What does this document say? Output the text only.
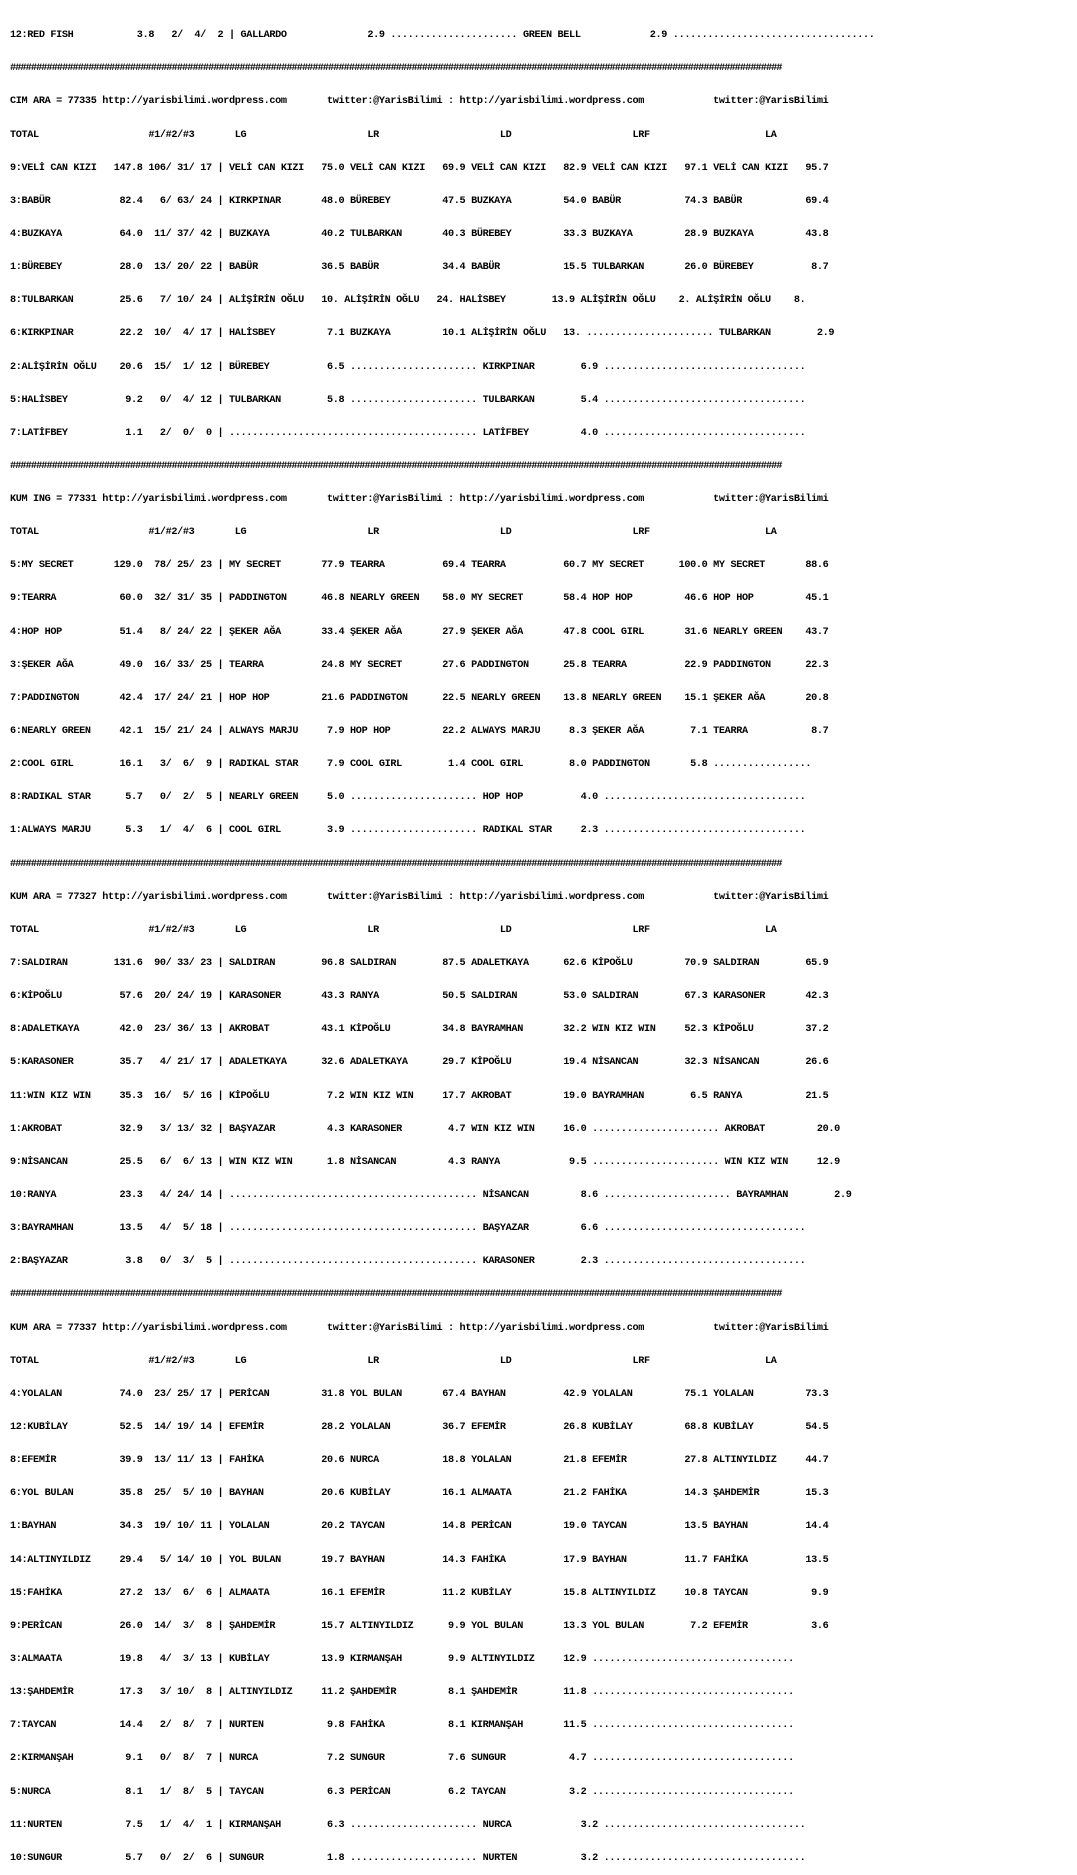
12:RED FISH           3.8   2/  4/  2 | GALLARDO              2.9 ...................... GREEN BELL            2.9 ...................................

####################################################################################################################################################

CIM ARA = 77335 http://yarisbilimi.wordpress.com       twitter:@YarisBilimi : http://yarisbilimi.wordpress.com            twitter:@YarisBilimi

TOTAL                   #1/#2/#3       LG                     LR                     LD                     LRF                    LA

9:VELİ CAN KIZI   147.8 106/ 31/ 17 | VELİ CAN KIZI   75.0 VELİ CAN KIZI   69.9 VELİ CAN KIZI   82.9 VELİ CAN KIZI   97.1 VELİ CAN KIZI   95.7

3:BABÜR            82.4   6/ 63/ 24 | KIRKPINAR       48.0 BÜREBEY         47.5 BUZKAYA         54.0 BABÜR           74.3 BABÜR           69.4

4:BUZKAYA          64.0  11/ 37/ 42 | BUZKAYA         40.2 TULBARKAN       40.3 BÜREBEY         33.3 BUZKAYA         28.9 BUZKAYA         43.8

1:BÜREBEY          28.0  13/ 20/ 22 | BABÜR           36.5 BABÜR           34.4 BABÜR           15.5 TULBARKAN       26.0 BÜREBEY          8.7

8:TULBARKAN        25.6   7/ 10/ 24 | ALİŞİRİN OĞLU   10. ALİŞİRİN OĞLU   24. HALİSBEY        13.9 ALİŞİRİN OĞLU    2. ALİŞİRİN OĞLU    8.

6:KIRKPINAR        22.2  10/  4/ 17 | HALİSBEY         7.1 BUZKAYA         10.1 ALİŞİRİN OĞLU   13. ...................... TULBARKAN        2.9

2:ALİŞİRİN OĞLU    20.6  15/  1/ 12 | BÜREBEY          6.5 ...................... KIRKPINAR        6.9 ...................................

5:HALİSBEY          9.2   0/  4/ 12 | TULBARKAN        5.8 ...................... TULBARKAN        5.4 ...................................

7:LATİFBEY          1.1   2/  0/  0 | ........................................... LATİFBEY         4.0 ...................................

####################################################################################################################################################

KUM ING = 77331 http://yarisbilimi.wordpress.com       twitter:@YarisBilimi : http://yarisbilimi.wordpress.com            twitter:@YarisBilimi

TOTAL                   #1/#2/#3       LG                     LR                     LD                     LRF                    LA

5:MY SECRET       129.0  78/ 25/ 23 | MY SECRET       77.9 TEARRA          69.4 TEARRA          60.7 MY SECRET      100.0 MY SECRET       88.6

9:TEARRA           60.0  32/ 31/ 35 | PADDINGTON      46.8 NEARLY GREEN    58.0 MY SECRET       58.4 HOP HOP         46.6 HOP HOP         45.1

4:HOP HOP          51.4   8/ 24/ 22 | ŞEKER AĞA       33.4 ŞEKER AĞA       27.9 ŞEKER AĞA       47.8 COOL GIRL       31.6 NEARLY GREEN    43.7

3:ŞEKER AĞA        49.0  16/ 33/ 25 | TEARRA          24.8 MY SECRET       27.6 PADDINGTON      25.8 TEARRA          22.9 PADDINGTON      22.3

7:PADDINGTON       42.4  17/ 24/ 21 | HOP HOP         21.6 PADDINGTON      22.5 NEARLY GREEN    13.8 NEARLY GREEN    15.1 ŞEKER AĞA       20.8

6:NEARLY GREEN     42.1  15/ 21/ 24 | ALWAYS MARJU     7.9 HOP HOP         22.2 ALWAYS MARJU     8.3 ŞEKER AĞA        7.1 TEARRA           8.7

2:COOL GIRL        16.1   3/  6/  9 | RADIKAL STAR     7.9 COOL GIRL        1.4 COOL GIRL        8.0 PADDINGTON       5.8 .................

8:RADIKAL STAR      5.7   0/  2/  5 | NEARLY GREEN     5.0 ...................... HOP HOP          4.0 ...................................

1:ALWAYS MARJU      5.3   1/  4/  6 | COOL GIRL        3.9 ...................... RADIKAL STAR     2.3 ...................................

####################################################################################################################################################

KUM ARA = 77327 http://yarisbilimi.wordpress.com       twitter:@YarisBilimi : http://yarisbilimi.wordpress.com            twitter:@YarisBilimi

TOTAL                   #1/#2/#3       LG                     LR                     LD                     LRF                    LA

7:SALDIRAN        131.6  90/ 33/ 23 | SALDIRAN        96.8 SALDIRAN        87.5 ADALETKAYA      62.6 KİPOĞLU         70.9 SALDIRAN        65.9

6:KİPOĞLU          57.6  20/ 24/ 19 | KARASONER       43.3 RANYA           50.5 SALDIRAN        53.0 SALDIRAN        67.3 KARASONER       42.3

8:ADALETKAYA       42.0  23/ 36/ 13 | AKROBAT         43.1 KİPOĞLU         34.8 BAYRAMHAN       32.2 WIN KIZ WIN     52.3 KİPOĞLU         37.2

5:KARASONER        35.7   4/ 21/ 17 | ADALETKAYA      32.6 ADALETKAYA      29.7 KİPOĞLU         19.4 NİSANCAN        32.3 NİSANCAN        26.6

11:WIN KIZ WIN     35.3  16/  5/ 16 | KİPOĞLU          7.2 WIN KIZ WIN     17.7 AKROBAT         19.0 BAYRAMHAN        6.5 RANYA           21.5

1:AKROBAT          32.9   3/ 13/ 32 | BAŞYAZAR         4.3 KARASONER        4.7 WIN KIZ WIN     16.0 ...................... AKROBAT         20.0

9:NİSANCAN         25.5   6/  6/ 13 | WIN KIZ WIN      1.8 NİSANCAN         4.3 RANYA            9.5 ...................... WIN KIZ WIN     12.9

10:RANYA           23.3   4/ 24/ 14 | ........................................... NİSANCAN         8.6 ...................... BAYRAMHAN        2.9

3:BAYRAMHAN        13.5   4/  5/ 18 | ........................................... BAŞYAZAR         6.6 ...................................

2:BAŞYAZAR          3.8   0/  3/  5 | ........................................... KARASONER        2.3 ...................................

####################################################################################################################################################

KUM ARA = 77337 http://yarisbilimi.wordpress.com       twitter:@YarisBilimi : http://yarisbilimi.wordpress.com            twitter:@YarisBilimi

TOTAL                   #1/#2/#3       LG                     LR                     LD                     LRF                    LA

4:YOLALAN          74.0  23/ 25/ 17 | PERİCAN         31.8 YOL BULAN       67.4 BAYHAN          42.9 YOLALAN         75.1 YOLALAN         73.3

12:KUBİLAY         52.5  14/ 19/ 14 | EFEMİR          28.2 YOLALAN         36.7 EFEMİR          26.8 KUBİLAY         68.8 KUBİLAY         54.5

8:EFEMİR           39.9  13/ 11/ 13 | FAHİKA          20.6 NURCA           18.8 YOLALAN         21.8 EFEMİR          27.8 ALTINYILDIZ     44.7

6:YOL BULAN        35.8  25/  5/ 10 | BAYHAN          20.6 KUBİLAY         16.1 ALMAATA         21.2 FAHİKA          14.3 ŞAHDEMİR        15.3

1:BAYHAN           34.3  19/ 10/ 11 | YOLALAN         20.2 TAYCAN          14.8 PERİCAN         19.0 TAYCAN          13.5 BAYHAN          14.4

14:ALTINYILDIZ     29.4   5/ 14/ 10 | YOL BULAN       19.7 BAYHAN          14.3 FAHİKA          17.9 BAYHAN          11.7 FAHİKA          13.5

15:FAHİKA          27.2  13/  6/  6 | ALMAATA         16.1 EFEMİR          11.2 KUBİLAY         15.8 ALTINYILDIZ     10.8 TAYCAN           9.9

9:PERİCAN          26.0  14/  3/  8 | ŞAHDEMİR        15.7 ALTINYILDIZ      9.9 YOL BULAN       13.3 YOL BULAN        7.2 EFEMİR           3.6

3:ALMAATA          19.8   4/  3/ 13 | KUBİLAY         13.9 KIRMANŞAH        9.9 ALTINYILDIZ     12.9 ...................................

13:ŞAHDEMİR        17.3   3/ 10/  8 | ALTINYILDIZ     11.2 ŞAHDEMİR         8.1 ŞAHDEMİR        11.8 ...................................

7:TAYCAN           14.4   2/  8/  7 | NURTEN           9.8 FAHİKA           8.1 KIRMANŞAH       11.5 ...................................

2:KIRMANŞAH         9.1   0/  8/  7 | NURCA            7.2 SUNGUR           7.6 SUNGUR           4.7 ...................................

5:NURCA             8.1   1/  8/  5 | TAYCAN           6.3 PERİCAN          6.2 TAYCAN           3.2 ...................................

11:NURTEN           7.5   1/  4/  1 | KIRMANŞAH        6.3 ...................... NURCA            3.2 ...................................

10:SUNGUR           5.7   0/  2/  6 | SUNGUR           1.8 ...................... NURTEN           3.2 ...................................
